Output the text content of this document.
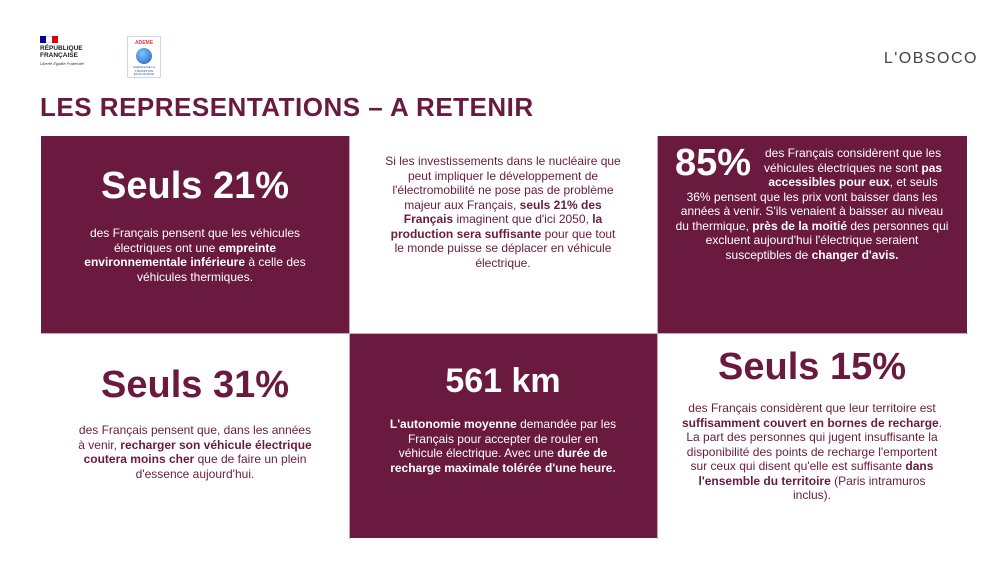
RÉPUBLIQUE
FRANÇAISE
Liberté Égalité Fraternité
ADEME
AGENCE DE LA TRANSITION ÉCOLOGIQUE
L'OBSOCO
LES REPRESENTATIONS – A RETENIR
Seuls 21%
des Français pensent que les véhicules électriques ont une empreinte environnementale inférieure à celle des véhicules thermiques.
Si les investissements dans le nucléaire que peut impliquer le développement de l'électromobilité ne pose pas de problème majeur aux Français, seuls 21% des Français imaginent que d'ici 2050, la production sera suffisante pour que tout le monde puisse se déplacer en véhicule électrique.
85% des Français considèrent que les véhicules électriques ne sont pas accessibles pour eux, et seuls 36% pensent que les prix vont baisser dans les années à venir. S'ils venaient à baisser au niveau du thermique, près de la moitié des personnes qui excluent aujourd'hui l'électrique seraient susceptibles de changer d'avis.
Seuls 31%
des Français pensent que, dans les années à venir, recharger son véhicule électrique coutera moins cher que de faire un plein d'essence aujourd'hui.
561 km
L'autonomie moyenne demandée par les Français pour accepter de rouler en véhicule électrique. Avec une durée de recharge maximale tolérée d'une heure.
Seuls 15%
des Français considèrent que leur territoire est suffisamment couvert en bornes de recharge. La part des personnes qui jugent insuffisante la disponibilité des points de recharge l'emportent sur ceux qui disent qu'elle est suffisante dans l'ensemble du territoire (Paris intramuros inclus).
